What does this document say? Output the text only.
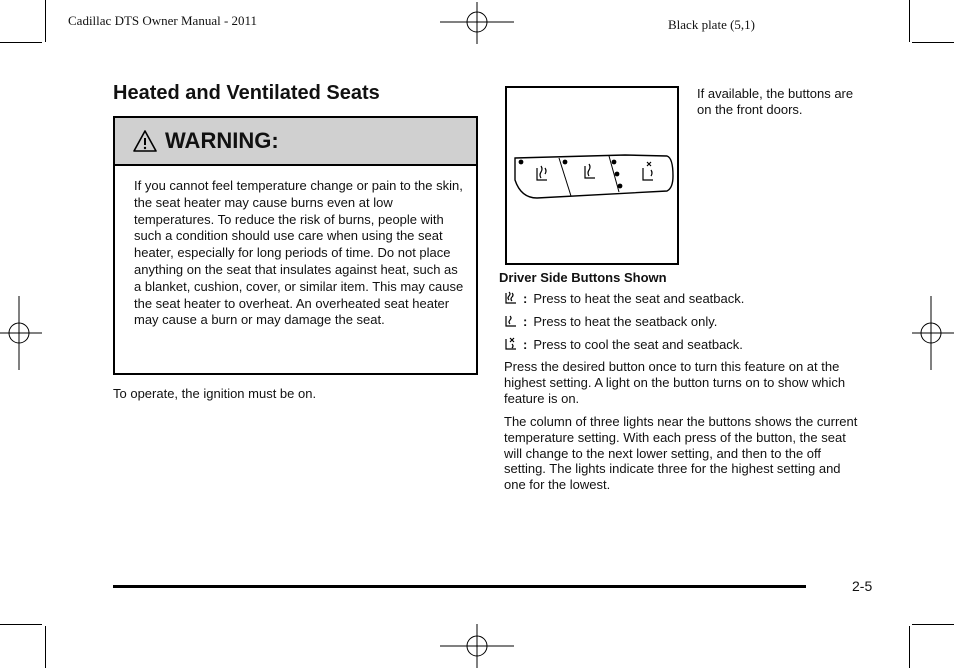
Cadillac DTS Owner Manual - 2011	Black plate (5,1)
Heated and Ventilated Seats
WARNING:
If you cannot feel temperature change or pain to the skin, the seat heater may cause burns even at low temperatures. To reduce the risk of burns, people with such a condition should use care when using the seat heater, especially for long periods of time. Do not place anything on the seat that insulates against heat, such as a blanket, cushion, cover, or similar item. This may cause the seat heater to overheat. An overheated seat heater may cause a burn or may damage the seat.
To operate, the ignition must be on.
If available, the buttons are on the front doors.
Driver Side Buttons Shown
: Press to heat the seat and seatback.
: Press to heat the seatback only.
: Press to cool the seat and seatback.
Press the desired button once to turn this feature on at the highest setting. A light on the button turns on to show which feature is on.
The column of three lights near the buttons shows the current temperature setting. With each press of the button, the seat will change to the next lower setting, and then to the off setting. The lights indicate three for the highest setting and one for the lowest.
2-5
